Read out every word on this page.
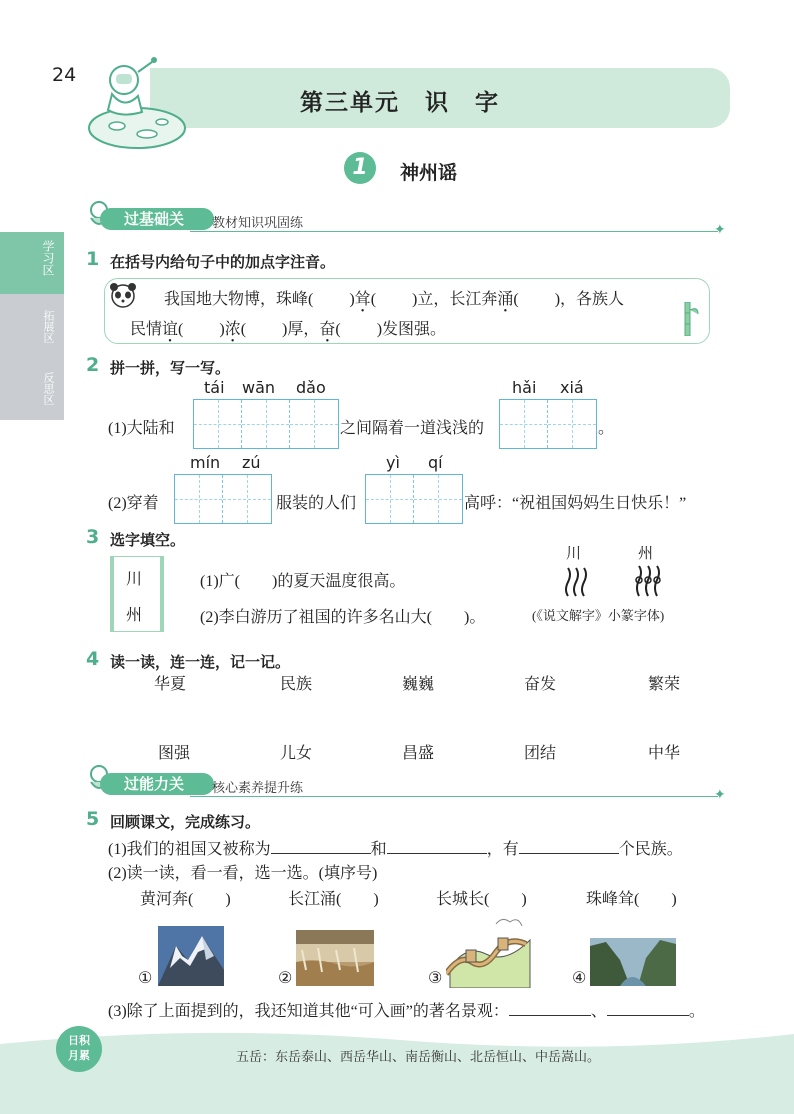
24
第三单元　识　字
1	神州谣
学习区
拓展区
反思区
过基础关	教材知识巩固练	✦
1 在括号内给句子中的加点字注音。
我国地大物博，珠峰( )耸( )立，长江奔涌( )，各族人
民情谊( )浓( )厚，奋( )发图强。
2 拼一拼，写一写。
tái wān dǎo	hǎi xiá
(1)大陆和	之间隔着一道浅浅的	。
mín zú	yì qí
(2)穿着	服装的人们	高呼：“祝祖国妈妈生日快乐！”
3 选字填空。
川
州
(1)广(　　)的夏天温度很高。
(2)李白游历了祖国的许多名山大(　　)。
川	州
(《说文解字》小篆字体)
4 读一读，连一连，记一记。
华夏	民族	巍巍	奋发	繁荣
图强	儿女	昌盛	团结	中华
过能力关	核心素养提升练	✦
5 回顾课文，完成练习。
(1)我们的祖国又被称为	和	，有	个民族。
(2)读一读，看一看，选一选。(填序号)
黄河奔(　　)	长江涌(　　)	长城长(　　)	珠峰耸(　　)
①	②	③	④
(3)除了上面提到的，我还知道其他“可入画”的著名景观：	、	。
日积
月累	五岳：东岳泰山、西岳华山、南岳衡山、北岳恒山、中岳嵩山。
